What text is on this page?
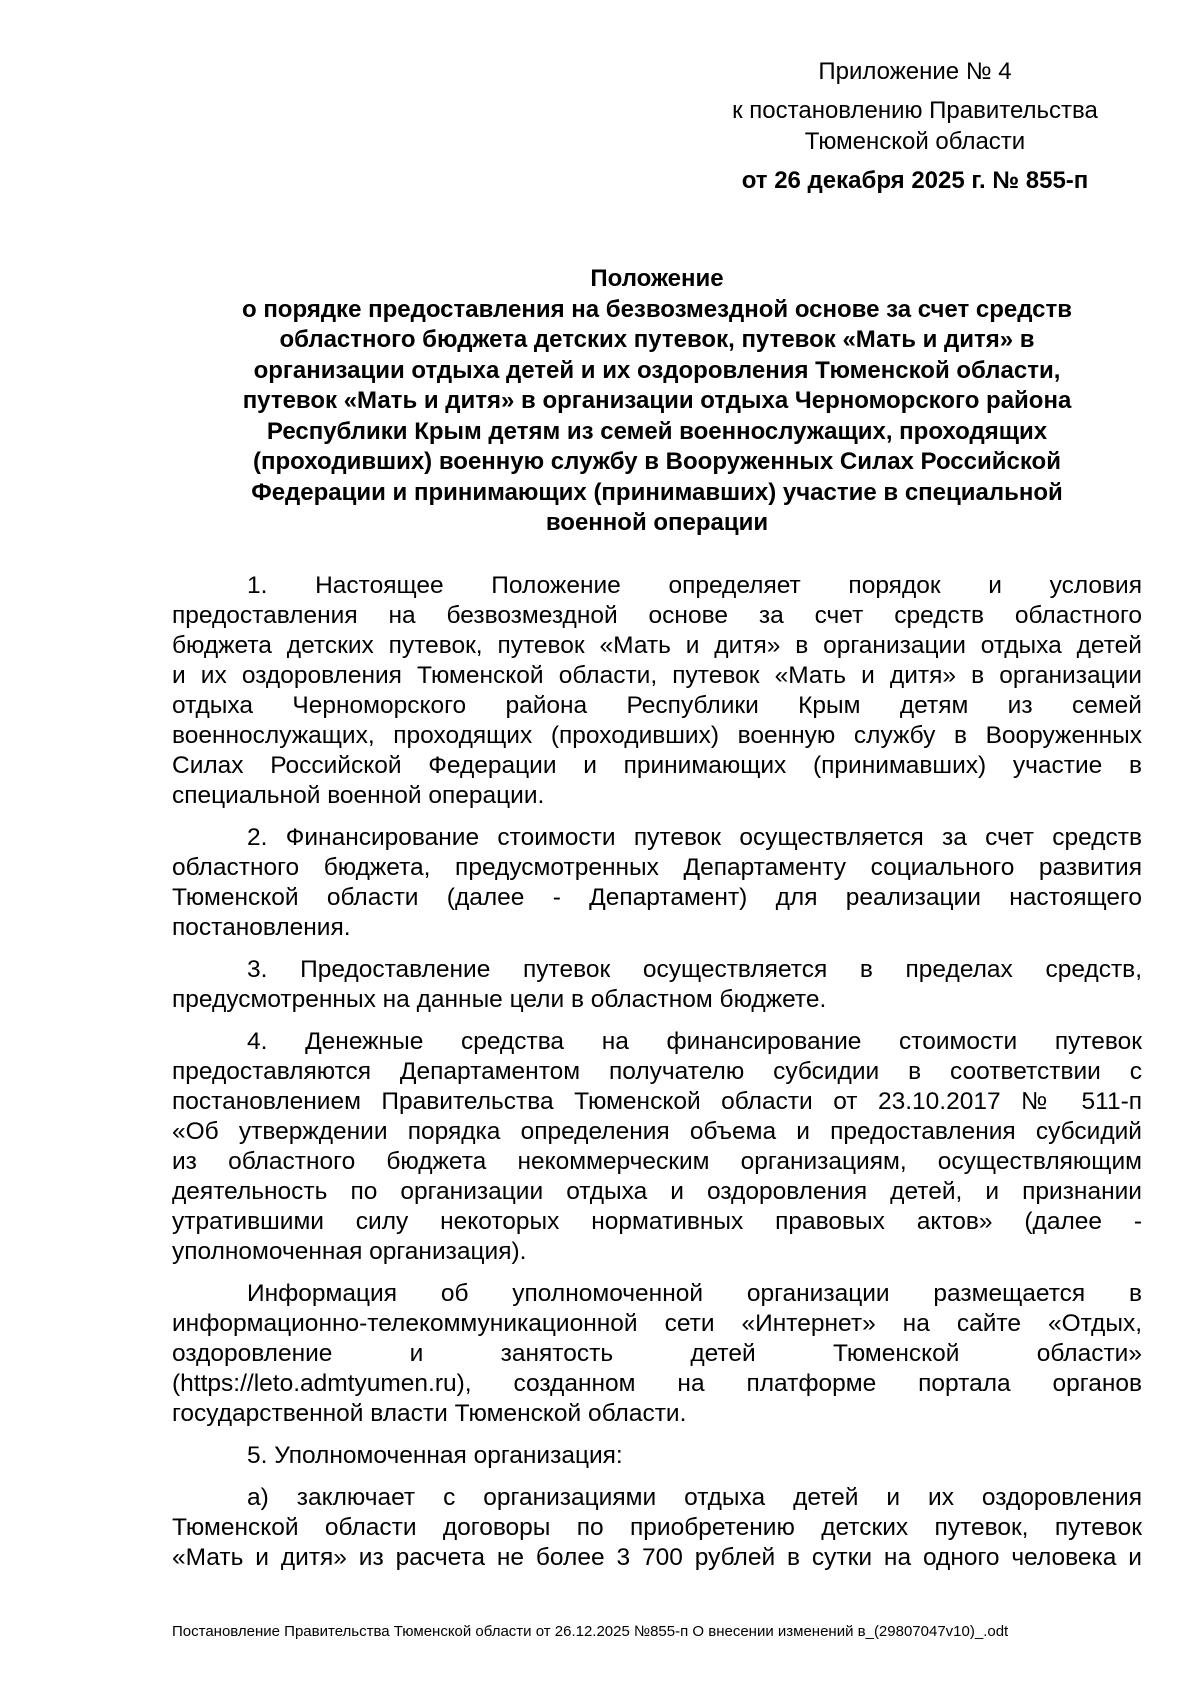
Приложение № 4
к постановлению Правительства
Тюменской области
от 26 декабря 2025 г. № 855-п
Положение
о порядке предоставления на безвозмездной основе за счет средств
областного бюджета детских путевок, путевок «Мать и дитя» в
организации отдыха детей и их оздоровления Тюменской области,
путевок «Мать и дитя» в организации отдыха Черноморского района
Республики Крым детям из семей военнослужащих, проходящих
(проходивших) военную службу в Вооруженных Силах Российской
Федерации и принимающих (принимавших) участие в специальной
военной операции
1. Настоящее Положение определяет порядок и условия
предоставления на безвозмездной основе за счет средств областного
бюджета детских путевок, путевок «Мать и дитя» в организации отдыха детей
и их оздоровления Тюменской области, путевок «Мать и дитя» в организации
отдыха Черноморского района Республики Крым детям из семей
военнослужащих, проходящих (проходивших) военную службу в Вооруженных
Силах Российской Федерации и принимающих (принимавших) участие в
специальной военной операции.
2. Финансирование стоимости путевок осуществляется за счет средств
областного бюджета, предусмотренных Департаменту социального развития
Тюменской области (далее - Департамент) для реализации настоящего
постановления.
3. Предоставление путевок осуществляется в пределах средств,
предусмотренных на данные цели в областном бюджете.
4. Денежные средства на финансирование стоимости путевок
предоставляются Департаментом получателю субсидии в соответствии с
постановлением Правительства Тюменской области от 23.10.2017 № 511-п
«Об утверждении порядка определения объема и предоставления субсидий
из областного бюджета некоммерческим организациям, осуществляющим
деятельность по организации отдыха и оздоровления детей, и признании
утратившими силу некоторых нормативных правовых актов» (далее -
уполномоченная организация).
Информация об уполномоченной организации размещается в
информационно-телекоммуникационной сети «Интернет» на сайте «Отдых,
оздоровление и занятость детей Тюменской области»
(https://leto.admtyumen.ru), созданном на платформе портала органов
государственной власти Тюменской области.
5. Уполномоченная организация:
а) заключает с организациями отдыха детей и их оздоровления
Тюменской области договоры по приобретению детских путевок, путевок
«Мать и дитя» из расчета не более 3 700 рублей в сутки на одного человека и
Постановление Правительства Тюменской области от 26.12.2025 №855-п О внесении изменений в_(29807047v10)_.odt
